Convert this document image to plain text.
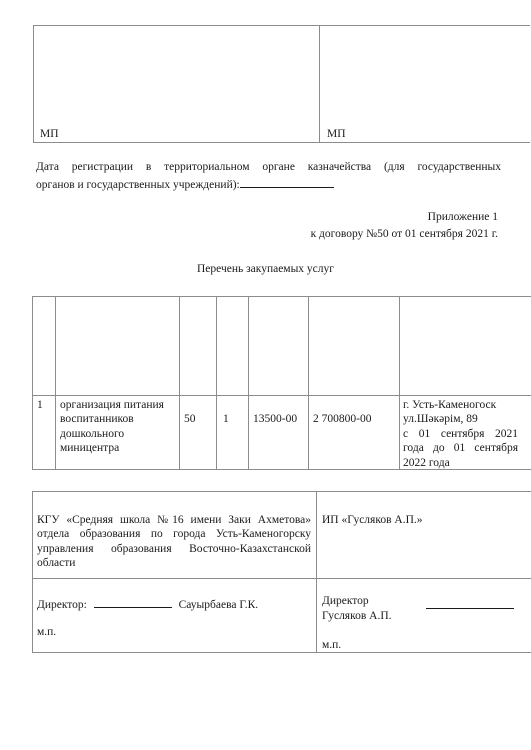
МП	МП
Дата регистрации в территориальном органе казначейства (для государственных
органов и государственных учреждений):
Приложение 1
к договору №50 от 01 сентября 2021 г.
Перечень закупаемых услуг
1 организация питания
воспитанников
дошкольного
миницентра
50 1 13500-00 2 700800-00
г. Усть-Каменогоск
ул.Шәкәрім, 89
с 01 сентября 2021
года до 01 сентября
2022 года
КГУ «Средняя школа №16 имени Заки Ахметова»
отдела образования по города Усть-Каменогорску
управления образования Восточно-Казахстанской
области
ИП «Гусляков А.П.»
Директор:	Сауырбаева Г.К.
м.п.
Директор
Гусляков А.П.
м.п.
